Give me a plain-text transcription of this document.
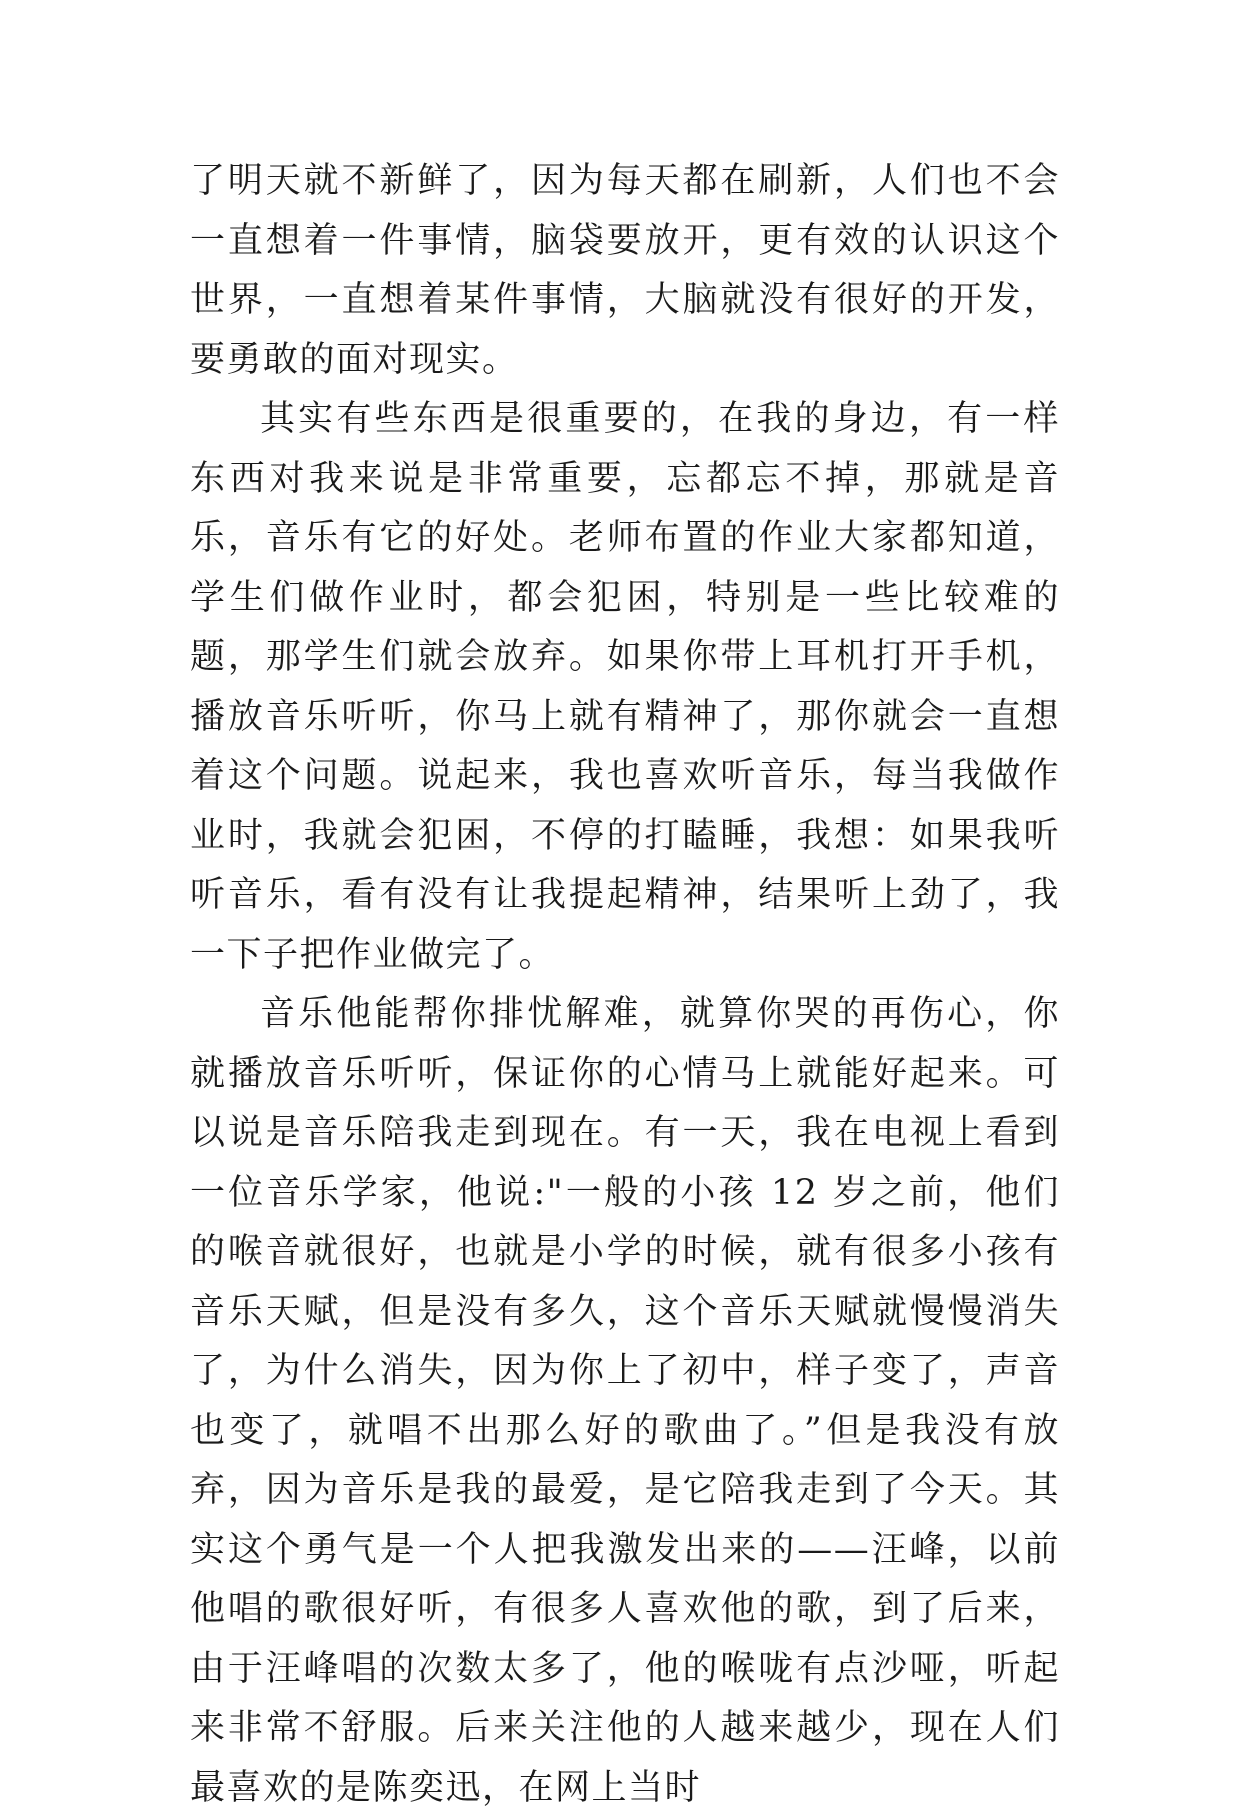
了明天就不新鲜了，因为每天都在刷新，人们也不会一直想着一件事情，脑袋要放开，更有效的认识这个世界，一直想着某件事情，大脑就没有很好的开发，要勇敢的面对现实。

其实有些东西是很重要的，在我的身边，有一样东西对我来说是非常重要，忘都忘不掉，那就是音乐，音乐有它的好处。老师布置的作业大家都知道，学生们做作业时，都会犯困，特别是一些比较难的题，那学生们就会放弃。如果你带上耳机打开手机，播放音乐听听，你马上就有精神了，那你就会一直想着这个问题。说起来，我也喜欢听音乐，每当我做作业时，我就会犯困，不停的打瞌睡，我想：如果我听听音乐，看有没有让我提起精神，结果听上劲了，我一下子把作业做完了。

音乐他能帮你排忧解难，就算你哭的再伤心，你就播放音乐听听，保证你的心情马上就能好起来。可以说是音乐陪我走到现在。有一天，我在电视上看到一位音乐学家，他说:"一般的小孩 12 岁之前，他们的喉音就很好，也就是小学的时候，就有很多小孩有音乐天赋，但是没有多久，这个音乐天赋就慢慢消失了，为什么消失，因为你上了初中，样子变了，声音也变了，就唱不出那么好的歌曲了。”但是我没有放弃，因为音乐是我的最爱，是它陪我走到了今天。其实这个勇气是一个人把我激发出来的——汪峰，以前他唱的歌很好听，有很多人喜欢他的歌，到了后来，由于汪峰唱的次数太多了，他的喉咙有点沙哑，听起来非常不舒服。后来关注他的人越来越少，现在人们最喜欢的是陈奕迅，在网上当时
